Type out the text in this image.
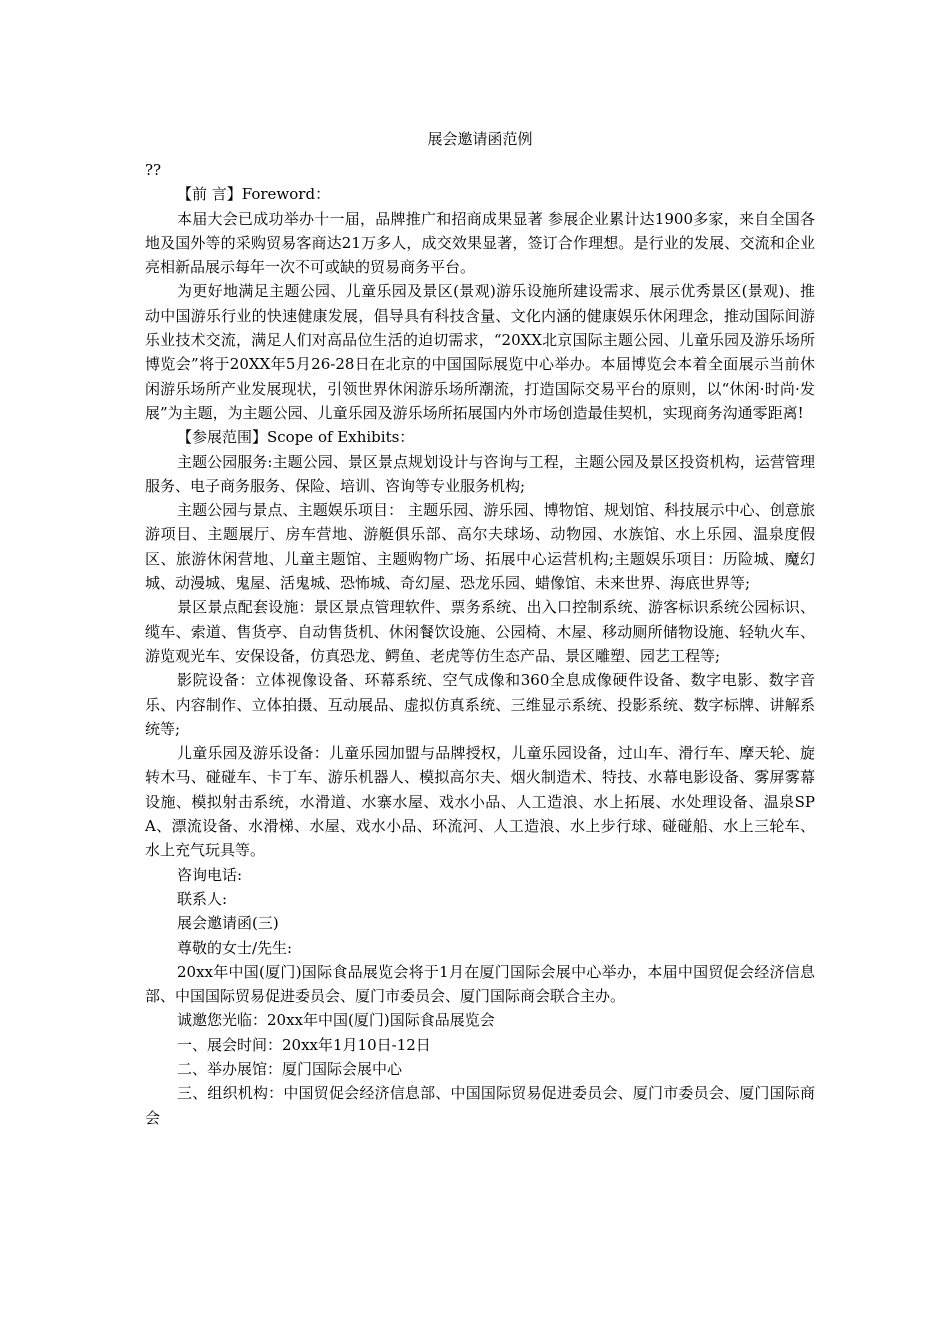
展会邀请函范例

??

【前 言】Foreword：

本届大会已成功举办十一届，品牌推广和招商成果显著 参展企业累计达1900多家，来自全国各地及国外等的采购贸易客商达21万多人，成交效果显著，签订合作理想。是行业的发展、交流和企业亮相新品展示每年一次不可或缺的贸易商务平台。

为更好地满足主题公园、儿童乐园及景区(景观)游乐设施所建设需求、展示优秀景区(景观)、推动中国游乐行业的快速健康发展，倡导具有科技含量、文化内涵的健康娱乐休闲理念，推动国际间游乐业技术交流，满足人们对高品位生活的迫切需求，“20XX北京国际主题公园、儿童乐园及游乐场所博览会”将于20XX年5月26-28日在北京的中国国际展览中心举办。本届博览会本着全面展示当前休闲游乐场所产业发展现状，引领世界休闲游乐场所潮流，打造国际交易平台的原则，以“休闲·时尚·发展”为主题，为主题公园、儿童乐园及游乐场所拓展国内外市场创造最佳契机，实现商务沟通零距离!

【参展范围】Scope of Exhibits：

主题公园服务:主题公园、景区景点规划设计与咨询与工程，主题公园及景区投资机构，运营管理服务、电子商务服务、保险、培训、咨询等专业服务机构;

主题公园与景点、主题娱乐项目： 主题乐园、游乐园、博物馆、规划馆、科技展示中心、创意旅游项目、主题展厅、房车营地、游艇俱乐部、高尔夫球场、动物园、水族馆、水上乐园、温泉度假区、旅游休闲营地、儿童主题馆、主题购物广场、拓展中心运营机构;主题娱乐项目：历险城、魔幻城、动漫城、鬼屋、活鬼城、恐怖城、奇幻屋、恐龙乐园、蜡像馆、未来世界、海底世界等;

景区景点配套设施：景区景点管理软件、票务系统、出入口控制系统、游客标识系统公园标识、缆车、索道、售货亭、自动售货机、休闲餐饮设施、公园椅、木屋、移动厕所储物设施、轻轨火车、游览观光车、安保设备，仿真恐龙、鳄鱼、老虎等仿生态产品、景区雕塑、园艺工程等;

影院设备：立体视像设备、环幕系统、空气成像和360全息成像硬件设备、数字电影、数字音乐、内容制作、立体拍摄、互动展品、虚拟仿真系统、三维显示系统、投影系统、数字标牌、讲解系统等;

儿童乐园及游乐设备：儿童乐园加盟与品牌授权，儿童乐园设备，过山车、滑行车、摩天轮、旋转木马、碰碰车、卡丁车、游乐机器人、模拟高尔夫、烟火制造术、特技、水幕电影设备、雾屏雾幕设施、模拟射击系统，水滑道、水寨水屋、戏水小品、人工造浪、水上拓展、水处理设备、温泉SPA、漂流设备、水滑梯、水屋、戏水小品、环流河、人工造浪、水上步行球、碰碰船、水上三轮车、水上充气玩具等。

咨询电话:

联系人:

展会邀请函(三)

尊敬的女士/先生:

20xx年中国(厦门)国际食品展览会将于1月在厦门国际会展中心举办，本届中国贸促会经济信息部、中国国际贸易促进委员会、厦门市委员会、厦门国际商会联合主办。

诚邀您光临：20xx年中国(厦门)国际食品展览会

一、展会时间：20xx年1月10日-12日

二、举办展馆：厦门国际会展中心

三、组织机构：中国贸促会经济信息部、中国国际贸易促进委员会、厦门市委员会、厦门国际商会
